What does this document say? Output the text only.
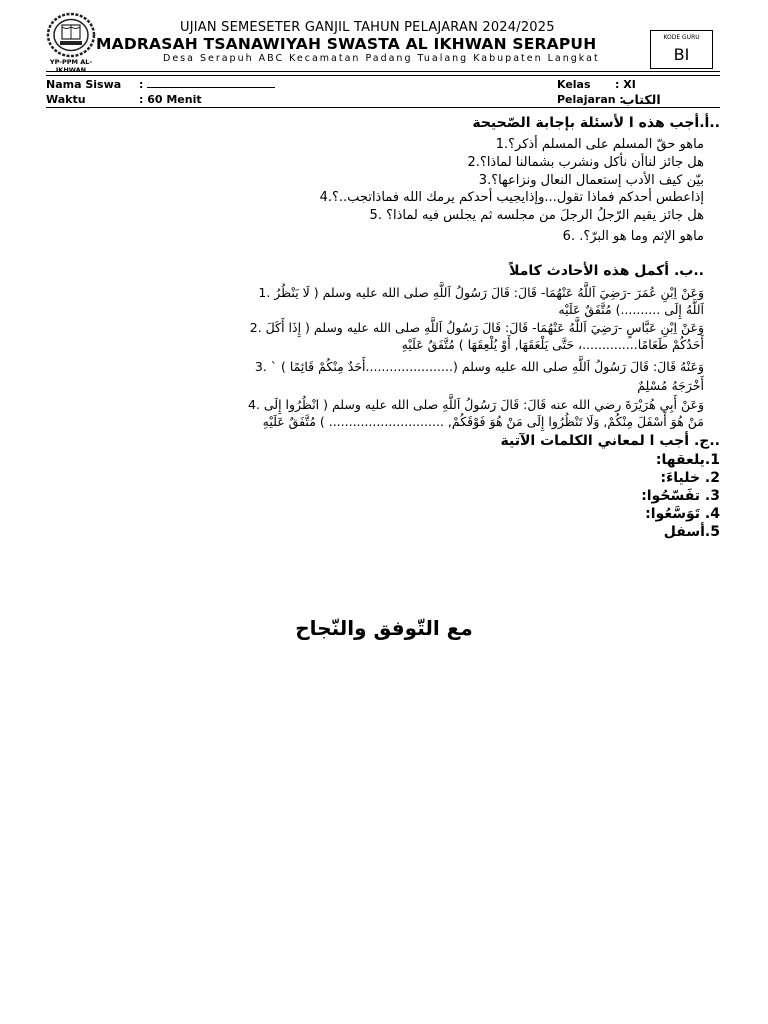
YP-PPM AL-IKHWAN
UJIAN SEMESETER GANJIL TAHUN PELAJARAN 2024/2025
MADRASAH TSANAWIYAH SWASTA AL IKHWAN SERAPUH
Desa Serapuh ABC Kecamatan Padang Tualang Kabupaten Langkat
KODE GURU
BI
Nama Siswa :
Waktu	: 60 Menit
Kelas : XI
Pelajaran :
الكتاب
..أ.أجب هذه ا لأسئلة بإجابة الصّحيحة
ماهو حقّ المسلم على المسلم أذكر؟.1
هل جائز لناأن نأكل ونشرب بشمالنا لماذا؟.2
بيّن كيف الأدب إستعمال النعال ونزاعها؟.3
إذاعطس أحدكم فماذا تقول...وإذايجيب أحدكم يرمك الله فماذاتجب..؟.4
هل جائز يقيم الرّجلُ الرجلَ من مجلسه ثم يجلس فيه لماذا؟ .5
ماهو الإثم وما هو البرّ؟. .6
..ب. أكمل هذه الأحادث كاملاً
وَعَنْ اِبْنِ عُمَرَ -رَضِيَ اَللَّهُ عَنْهُمَا- قَالَ: قَالَ رَسُولُ اَللَّهِ صلى الله عليه وسلم ( لَا يَنْظُرُ .1
اَللَّهُ إِلَى ..........) مُتَّفَقٌ عَلَيْه
وَعَنْ اِبْنِ عَبَّاسٍ -رَضِيَ اَللَّهُ عَنْهُمَا- قَالَ: قَالَ رَسُولُ اَللَّهِ صلى الله عليه وسلم ( إِذَا أَكَلَ .2
أَحَدُكُمْ طَعَامًا..............، حَتَّى يَلْعَقَهَا, أَوْ يُلْعِقَهَا ) مُتَّفَقٌ عَلَيْهِ
وَعَنْهُ قَالَ: قَالَ رَسُولُ اَللَّهِ صلى الله عليه وسلم (......................أَحَدٌ مِنْكُمْ قَائِمًا ) ` .3
أَخْرَجَهُ مُسْلِمٌ
وَعَنْ أَبِي هُرَيْرَةَ رضي الله عنه قَالَ: قَالَ رَسُولُ اَللَّهِ صلى الله عليه وسلم ( انْظُرُوا إِلَى .4
مَنْ هُوَ أَسْفَلَ مِنْكُمْ, وَلَا تَنْظُرُوا إِلَى مَنْ هُوَ فَوْقَكُمْ, ............................. ) مُتَّفَقٌ عَلَيْهِ
..ج. أجب ا لمعاني الكلمات الآتية
1.يلعقها:
2. خلياءَ:
3. تفَسّحُوا:
4. تَوَسَّعُوا:
5.أسفل
مع التّوفق والنّجاح
